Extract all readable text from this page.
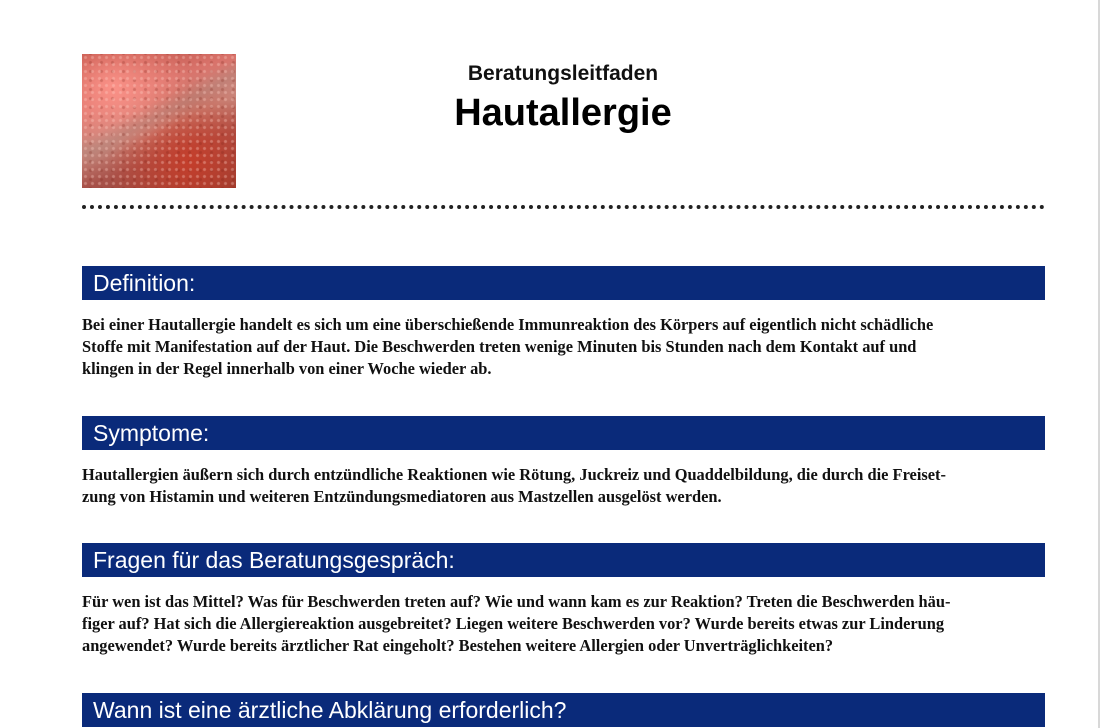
Beratungsleitfaden
Hautallergie
Definition:
Bei einer Hautallergie handelt es sich um eine überschießende Immunreaktion des Körpers auf eigentlich nicht schädliche
Stoffe mit Manifestation auf der Haut. Die Beschwerden treten wenige Minuten bis Stunden nach dem Kontakt auf und
klingen in der Regel innerhalb von einer Woche wieder ab.
Symptome:
Hautallergien äußern sich durch entzündliche Reaktionen wie Rötung, Juckreiz und Quaddelbildung, die durch die Freiset-
zung von Histamin und weiteren Entzündungsmediatoren aus Mastzellen ausgelöst werden.
Fragen für das Beratungsgespräch:
Für wen ist das Mittel? Was für Beschwerden treten auf? Wie und wann kam es zur Reaktion? Treten die Beschwerden häu-
figer auf? Hat sich die Allergiereaktion ausgebreitet? Liegen weitere Beschwerden vor? Wurde bereits etwas zur Linderung
angewendet? Wurde bereits ärztlicher Rat eingeholt? Bestehen weitere Allergien oder Unverträglichkeiten?
Wann ist eine ärztliche Abklärung erforderlich?
